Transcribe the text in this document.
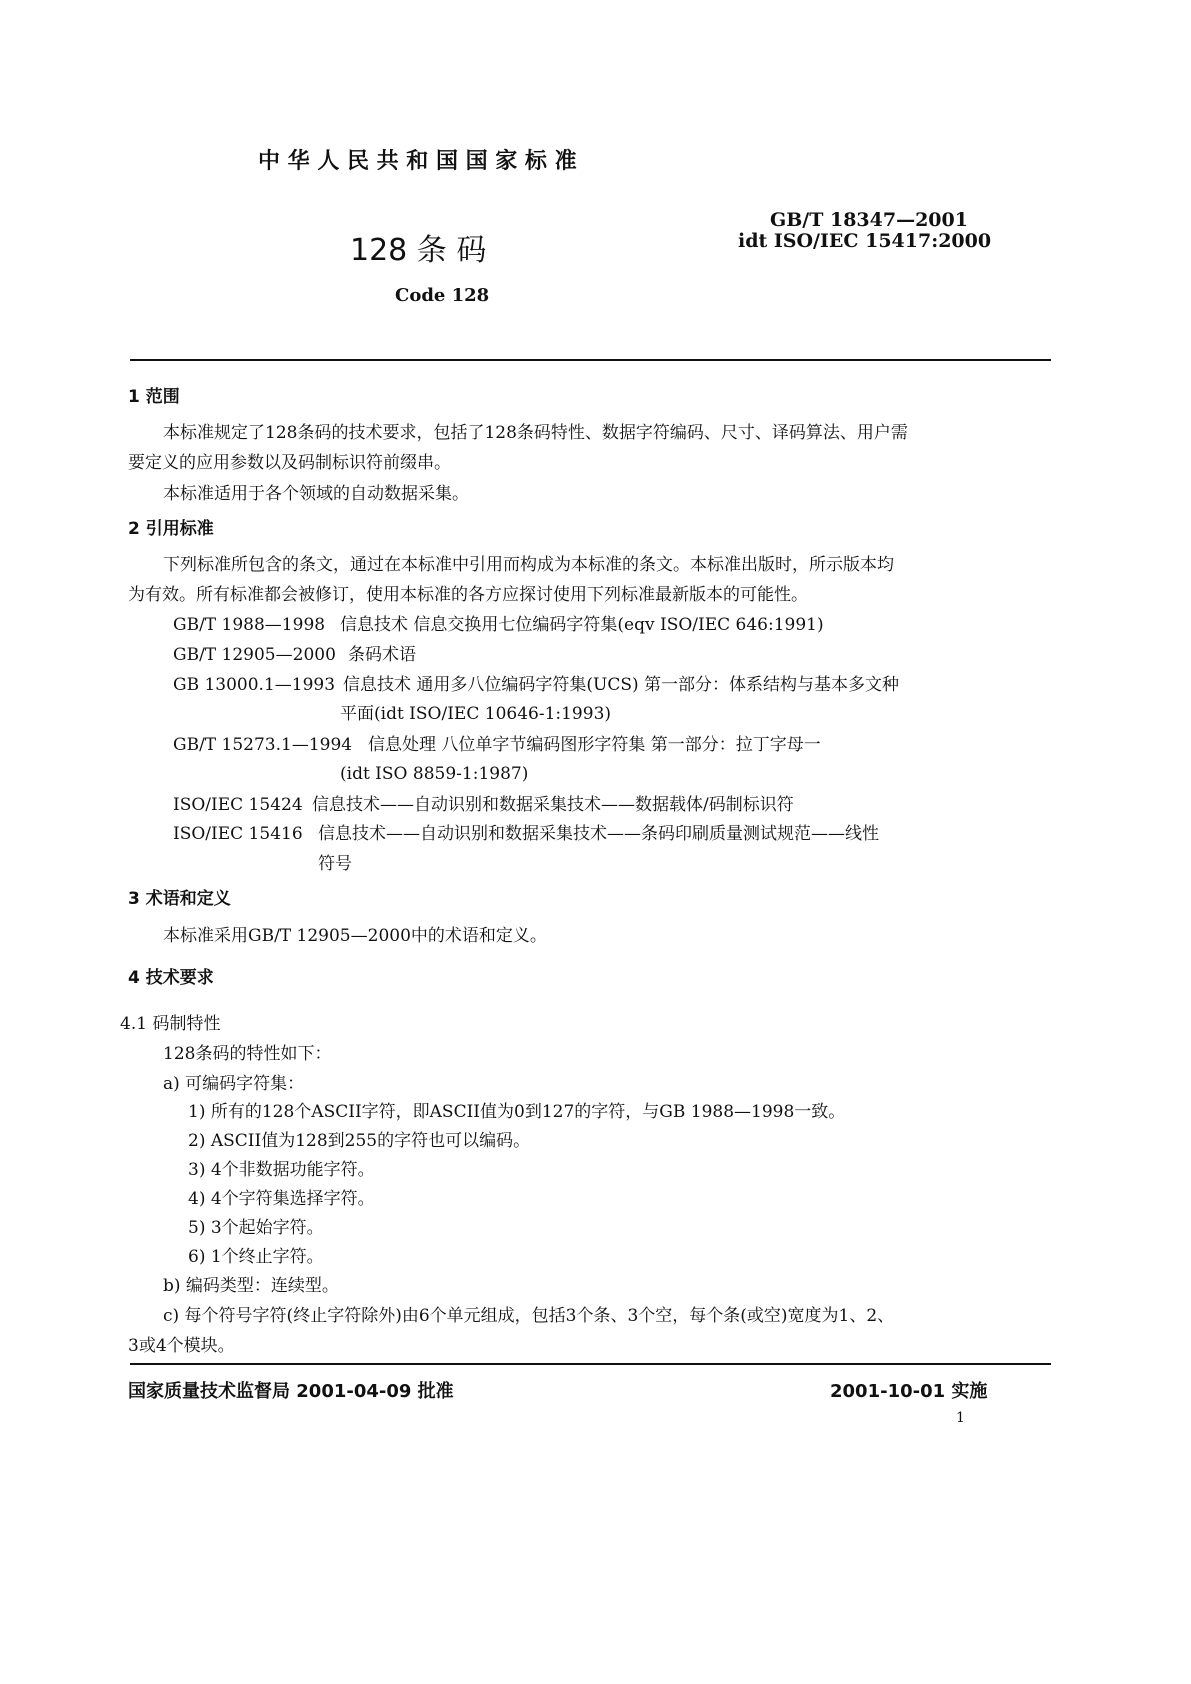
中 华 人 民 共 和 国 国 家 标 准
128 条 码
GB/T 18347—2001
idt ISO/IEC 15417:2000
Code 128
1 范围
本标准规定了128条码的技术要求，包括了128条码特性、数据字符编码、尺寸、译码算法、用户需
要定义的应用参数以及码制标识符前缀串。
本标准适用于各个领域的自动数据采集。
2 引用标准
下列标准所包含的条文，通过在本标准中引用而构成为本标准的条文。本标准出版时，所示版本均
为有效。所有标准都会被修订，使用本标准的各方应探讨使用下列标准最新版本的可能性。
GB/T 1988—1998 信息技术 信息交换用七位编码字符集(eqv ISO/IEC 646:1991)
GB/T 12905—2000 条码术语
GB 13000.1—1993 信息技术 通用多八位编码字符集(UCS) 第一部分：体系结构与基本多文种
平面(idt ISO/IEC 10646-1:1993)
GB/T 15273.1—1994 信息处理 八位单字节编码图形字符集 第一部分：拉丁字母一
(idt ISO 8859-1:1987)
ISO/IEC 15424 信息技术——自动识别和数据采集技术——数据载体/码制标识符
ISO/IEC 15416 信息技术——自动识别和数据采集技术——条码印刷质量测试规范——线性
符号
3 术语和定义
本标准采用GB/T 12905—2000中的术语和定义。
4 技术要求
4.1 码制特性
128条码的特性如下：
a) 可编码字符集：
1) 所有的128个ASCII字符，即ASCII值为0到127的字符，与GB 1988—1998一致。
2) ASCII值为128到255的字符也可以编码。
3) 4个非数据功能字符。
4) 4个字符集选择字符。
5) 3个起始字符。
6) 1个终止字符。
b) 编码类型：连续型。
c) 每个符号字符(终止字符除外)由6个单元组成，包括3个条、3个空，每个条(或空)宽度为1、2、
3或4个模块。
国家质量技术监督局 2001-04-09 批准	2001-10-01 实施
1
